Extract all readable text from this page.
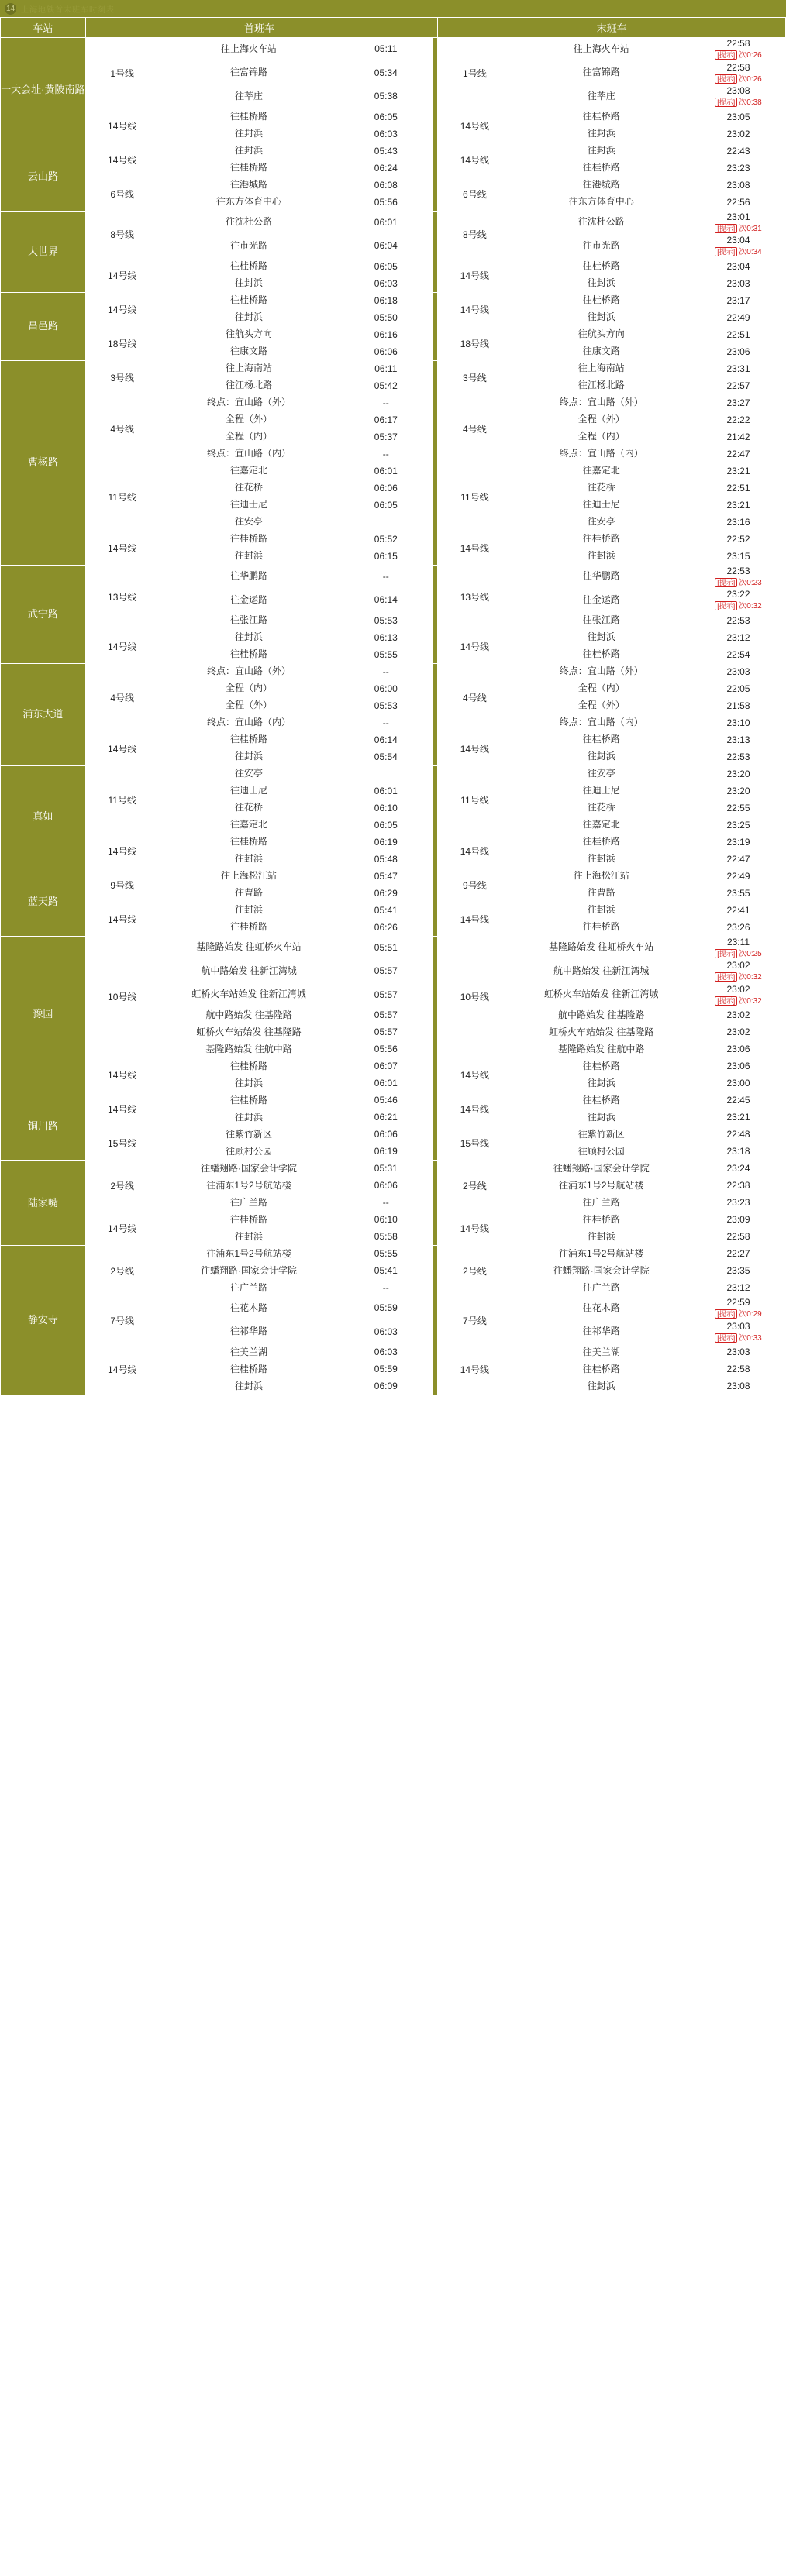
14 上海地铁首末班车时刻表
车站	首班车				末班车		
一大会址·黄陂南路	1号线	往上海火车站	05:11		1号线	往上海火车站	22:58
[提示] 次0:26

		往富锦路	05:34			往富锦路	22:58
[提示] 次0:26

		往莘庄	05:38			往莘庄	23:08
[提示] 次0:38

	14号线	往桂桥路	06:05		14号线	往桂桥路	23:05
		往封浜	06:03			往封浜	23:02
云山路	14号线	往封浜	05:43		14号线	往封浜	22:43
		往桂桥路	06:24			往桂桥路	23:23
	6号线	往港城路	06:08		6号线	往港城路	23:08
		往东方体育中心	05:56			往东方体育中心	22:56
大世界	8号线	往沈杜公路	06:01		8号线	往沈杜公路	23:01
[提示] 次0:31

		往市光路	06:04			往市光路	23:04
[提示] 次0:34

	14号线	往桂桥路	06:05		14号线	往桂桥路	23:04
		往封浜	06:03			往封浜	23:03
昌邑路	14号线	往桂桥路	06:18		14号线	往桂桥路	23:17
		往封浜	05:50			往封浜	22:49
	18号线	往航头方向	06:16		18号线	往航头方向	22:51
		往康文路	06:06			往康文路	23:06
曹杨路	3号线	往上海南站	06:11		3号线	往上海南站	23:31
		往江杨北路	05:42			往江杨北路	22:57
	4号线	终点：宜山路（外）	--		4号线	终点：宜山路（外）	23:27
		全程（外）	06:17			全程（外）	22:22
		全程（内）	05:37			全程（内）	21:42
		终点：宜山路（内）	--			终点：宜山路（内）	22:47
	11号线	往嘉定北	06:01		11号线	往嘉定北	23:21
		往花桥	06:06			往花桥	22:51
		往迪士尼	06:05			往迪士尼	23:21
		往安亭				往安亭	23:16
	14号线	往桂桥路	05:52		14号线	往桂桥路	22:52
		往封浜	06:15			往封浜	23:15
武宁路	13号线	往华鹏路	--		13号线	往华鹏路	22:53
[提示] 次0:23

		往金运路	06:14			往金运路	23:22
[提示] 次0:32

		往张江路	05:53			往张江路	22:53
	14号线	往封浜	06:13		14号线	往封浜	23:12
		往桂桥路	05:55			往桂桥路	22:54
浦东大道	4号线	终点：宜山路（外）	--		4号线	终点：宜山路（外）	23:03
		全程（内）	06:00			全程（内）	22:05
		全程（外）	05:53			全程（外）	21:58
		终点：宜山路（内）	--			终点：宜山路（内）	23:10
	14号线	往桂桥路	06:14		14号线	往桂桥路	23:13
		往封浜	05:54			往封浜	22:53
真如	11号线	往安亭			11号线	往安亭	23:20
		往迪士尼	06:01			往迪士尼	23:20
		往花桥	06:10			往花桥	22:55
		往嘉定北	06:05			往嘉定北	23:25
	14号线	往桂桥路	06:19		14号线	往桂桥路	23:19
		往封浜	05:48			往封浜	22:47
蓝天路	9号线	往上海松江站	05:47		9号线	往上海松江站	22:49
		往曹路	06:29			往曹路	23:55
	14号线	往封浜	05:41		14号线	往封浜	22:41
		往桂桥路	06:26			往桂桥路	23:26
豫园	10号线	基隆路始发 往虹桥火车站	05:51		10号线	基隆路始发 往虹桥火车站	23:11
[提示] 次0:25

		航中路始发 往新江湾城	05:57			航中路始发 往新江湾城	23:02
[提示] 次0:32

		虹桥火车站始发 往新江湾城	05:57			虹桥火车站始发 往新江湾城	23:02
[提示] 次0:32

		航中路始发 往基隆路	05:57			航中路始发 往基隆路	23:02
		虹桥火车站始发 往基隆路	05:57			虹桥火车站始发 往基隆路	23:02
		基隆路始发 往航中路	05:56			基隆路始发 往航中路	23:06
	14号线	往桂桥路	06:07		14号线	往桂桥路	23:06
		往封浜	06:01			往封浜	23:00
铜川路	14号线	往桂桥路	05:46		14号线	往桂桥路	22:45
		往封浜	06:21			往封浜	23:21
	15号线	往紫竹新区	06:06		15号线	往紫竹新区	22:48
		往顾村公园	06:19			往顾村公园	23:18
陆家嘴	2号线	往蟠翔路·国家会计学院	05:31		2号线	往蟠翔路·国家会计学院	23:24
		往浦东1号2号航站楼	06:06			往浦东1号2号航站楼	22:38
		往广兰路	--			往广兰路	23:23
	14号线	往桂桥路	06:10		14号线	往桂桥路	23:09
		往封浜	05:58			往封浜	22:58
静安寺	2号线	往浦东1号2号航站楼	05:55		2号线	往浦东1号2号航站楼	22:27
		往蟠翔路·国家会计学院	05:41			往蟠翔路·国家会计学院	23:35
		往广兰路	--			往广兰路	23:12
	7号线	往花木路	05:59		7号线	往花木路	22:59
[提示] 次0:29

		往祁华路	06:03			往祁华路	23:03
[提示] 次0:33

	14号线	往美兰湖	06:03		14号线	往美兰湖	23:03
		往桂桥路	05:59			往桂桥路	22:58
		往封浜	06:09			往封浜	23:08
